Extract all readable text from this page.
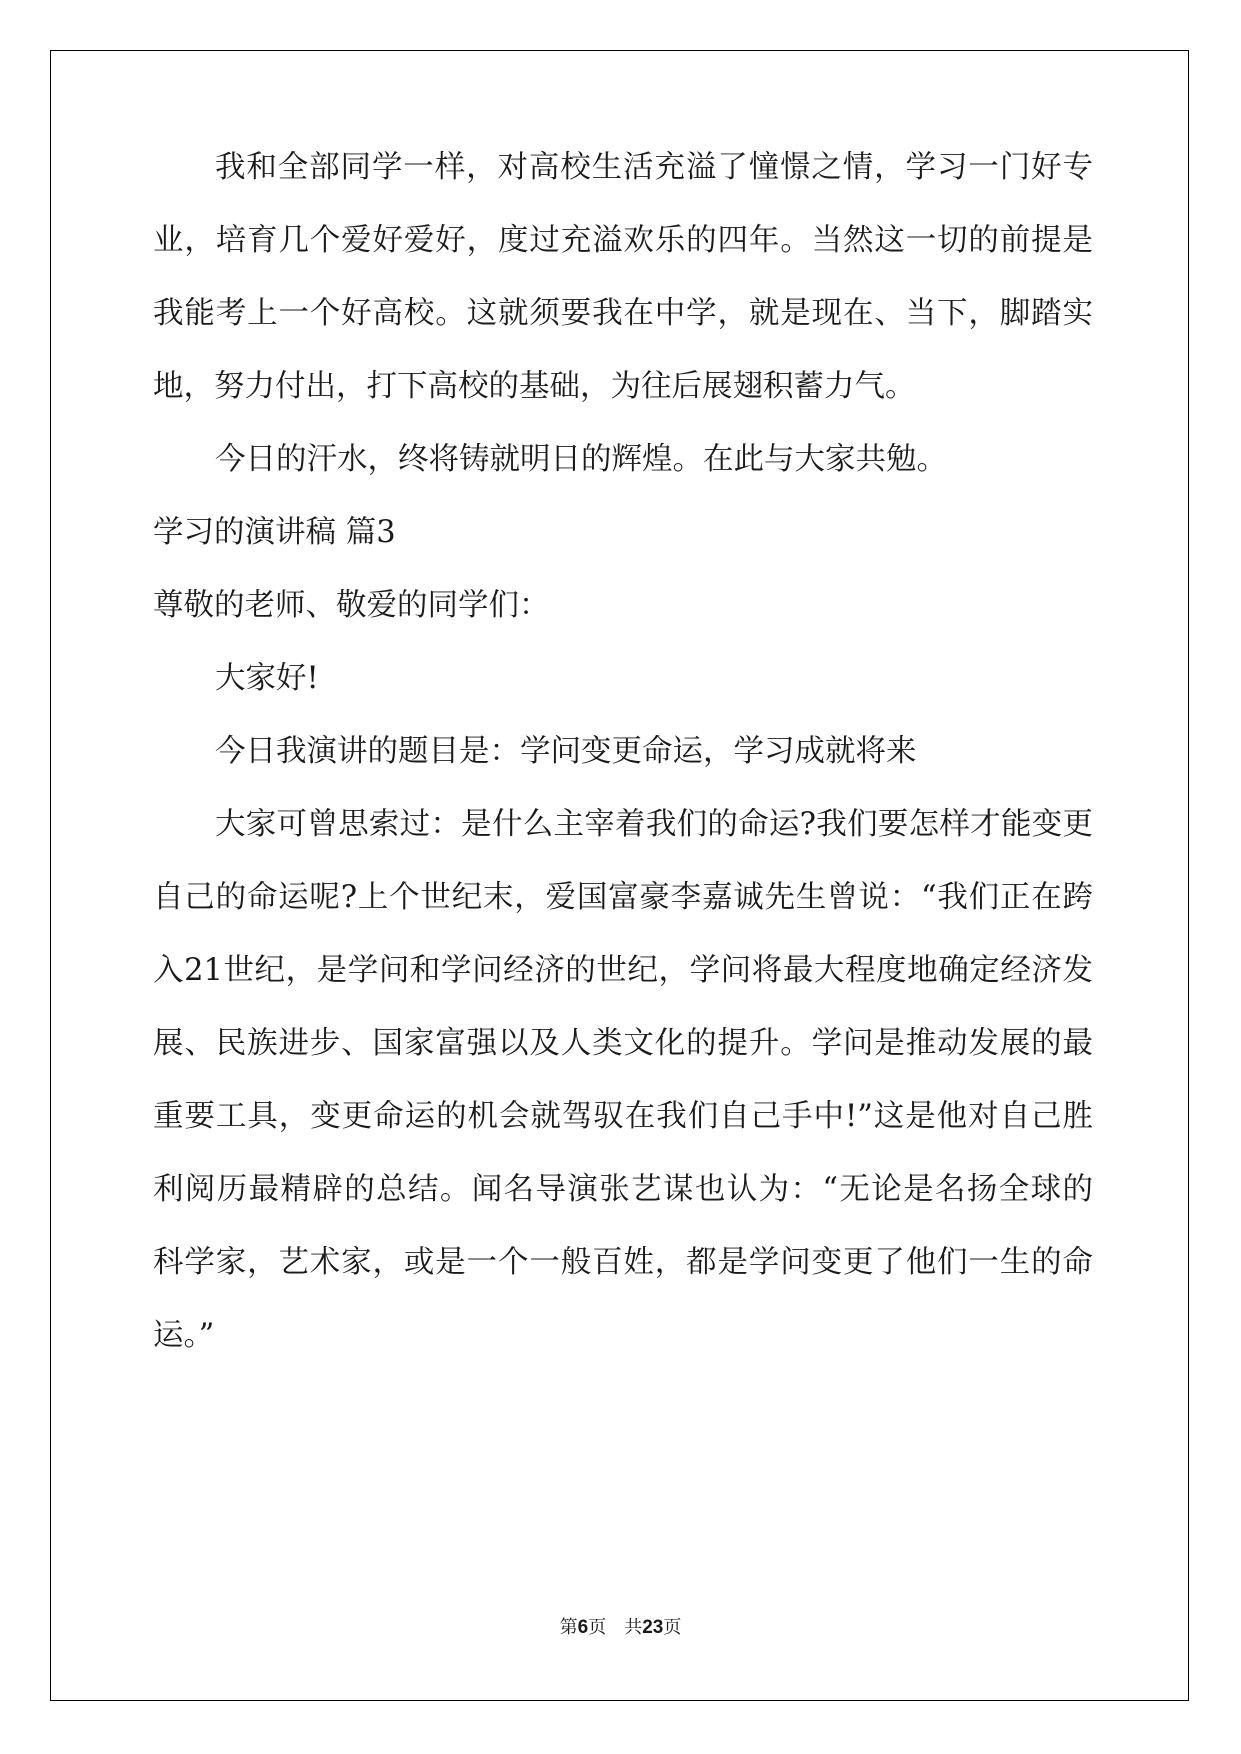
我和全部同学一样，对高校生活充溢了憧憬之情，学习一门好专
业，培育几个爱好爱好，度过充溢欢乐的四年。当然这一切的前提是
我能考上一个好高校。这就须要我在中学，就是现在、当下，脚踏实
地，努力付出，打下高校的基础，为往后展翅积蓄力气。
今日的汗水，终将铸就明日的辉煌。在此与大家共勉。
学习的演讲稿 篇3
尊敬的老师、敬爱的同学们：
大家好!
今日我演讲的题目是：学问变更命运，学习成就将来
大家可曾思索过：是什么主宰着我们的命运?我们要怎样才能变更
自己的命运呢?上个世纪末，爱国富豪李嘉诚先生曾说：“我们正在跨
入21世纪，是学问和学问经济的世纪，学问将最大程度地确定经济发
展、民族进步、国家富强以及人类文化的提升。学问是推动发展的最
重要工具，变更命运的机会就驾驭在我们自己手中!”这是他对自己胜
利阅历最精辟的总结。闻名导演张艺谋也认为：“无论是名扬全球的
科学家，艺术家，或是一个一般百姓，都是学问变更了他们一生的命
运。”
第6页 共23页
